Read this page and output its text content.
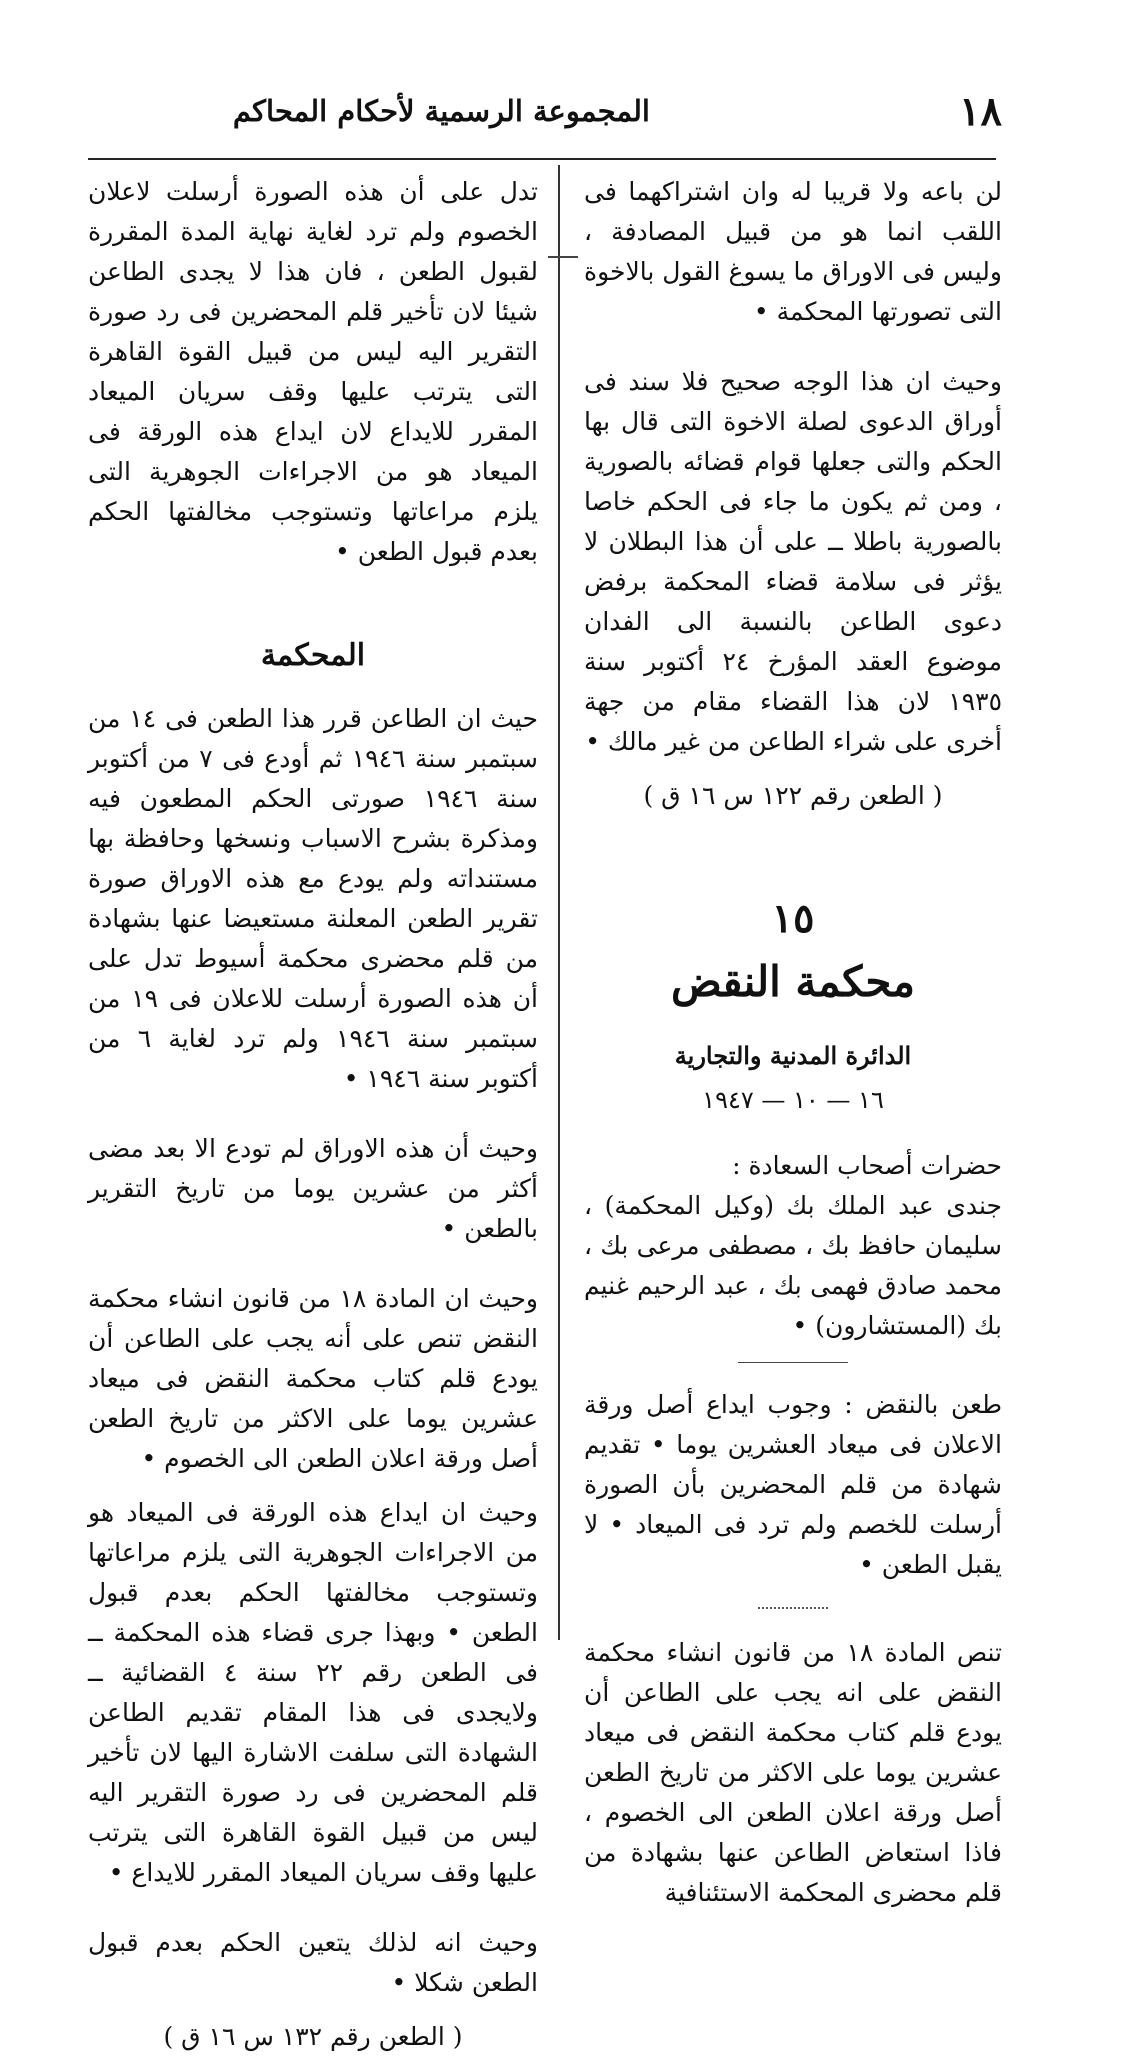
١٨
المجموعة الرسمية لأحكام المحاكم

لن باعه ولا قريبا له وان اشتراكهما فى اللقب انما هو من قبيل المصادفة ، وليس فى الاوراق ما يسوغ القول بالاخوة التى تصورتها المحكمة •

وحيث ان هذا الوجه صحيح فلا سند فى أوراق الدعوى لصلة الاخوة التى قال بها الحكم والتى جعلها قوام قضائه بالصورية ، ومن ثم يكون ما جاء فى الحكم خاصا بالصورية باطلا ــ على أن هذا البطلان لا يؤثر فى سلامة قضاء المحكمة برفض دعوى الطاعن بالنسبة الى الفدان موضوع العقد المؤرخ ٢٤ أكتوبر سنة ١٩٣٥ لان هذا القضاء مقام من جهة أخرى على شراء الطاعن من غير مالك •

( الطعن رقم ١٢٢ س ١٦ ق )

١٥
محكمة النقض
الدائرة المدنية والتجارية
١٦ — ١٠ — ١٩٤٧
حضرات أصحاب السعادة :

جندى عبد الملك بك (وكيل المحكمة) ، سليمان حافظ بك ، مصطفى مرعى بك ، محمد صادق فهمى بك ، عبد الرحيم غنيم بك (المستشارون) •

طعن بالنقض : وجوب ايداع أصل ورقة الاعلان فى ميعاد العشرين يوما • تقديم شهادة من قلم المحضرين بأن الصورة أرسلت للخصم ولم ترد فى الميعاد • لا يقبل الطعن •

تنص المادة ١٨ من قانون انشاء محكمة النقض على انه يجب على الطاعن أن يودع قلم كتاب محكمة النقض فى ميعاد عشرين يوما على الاكثر من تاريخ الطعن أصل ورقة اعلان الطعن الى الخصوم ، فاذا استعاض الطاعن عنها بشهادة من قلم محضرى المحكمة الاستئنافية

تدل على أن هذه الصورة أرسلت لاعلان الخصوم ولم ترد لغاية نهاية المدة المقررة لقبول الطعن ، فان هذا لا يجدى الطاعن شيئا لان تأخير قلم المحضرين فى رد صورة التقرير اليه ليس من قبيل القوة القاهرة التى يترتب عليها وقف سريان الميعاد المقرر للايداع لان ايداع هذه الورقة فى الميعاد هو من الاجراءات الجوهرية التى يلزم مراعاتها وتستوجب مخالفتها الحكم بعدم قبول الطعن •

المحكمة

حيث ان الطاعن قرر هذا الطعن فى ١٤ من سبتمبر سنة ١٩٤٦ ثم أودع فى ٧ من أكتوبر سنة ١٩٤٦ صورتى الحكم المطعون فيه ومذكرة بشرح الاسباب ونسخها وحافظة بها مستنداته ولم يودع مع هذه الاوراق صورة تقرير الطعن المعلنة مستعيضا عنها بشهادة من قلم محضرى محكمة أسيوط تدل على أن هذه الصورة أرسلت للاعلان فى ١٩ من سبتمبر سنة ١٩٤٦ ولم ترد لغاية ٦ من أكتوبر سنة ١٩٤٦ •

وحيث أن هذه الاوراق لم تودع الا بعد مضى أكثر من عشرين يوما من تاريخ التقرير بالطعن •

وحيث ان المادة ١٨ من قانون انشاء محكمة النقض تنص على أنه يجب على الطاعن أن يودع قلم كتاب محكمة النقض فى ميعاد عشرين يوما على الاكثر من تاريخ الطعن أصل ورقة اعلان الطعن الى الخصوم •

وحيث ان ايداع هذه الورقة فى الميعاد هو من الاجراءات الجوهرية التى يلزم مراعاتها وتستوجب مخالفتها الحكم بعدم قبول الطعن • وبهذا جرى قضاء هذه المحكمة ــ فى الطعن رقم ٢٢ سنة ٤ القضائية ــ ولايجدى فى هذا المقام تقديم الطاعن الشهادة التى سلفت الاشارة اليها لان تأخير قلم المحضرين فى رد صورة التقرير اليه ليس من قبيل القوة القاهرة التى يترتب عليها وقف سريان الميعاد المقرر للايداع •

وحيث انه لذلك يتعين الحكم بعدم قبول الطعن شكلا •

( الطعن رقم ١٣٢ س ١٦ ق )
